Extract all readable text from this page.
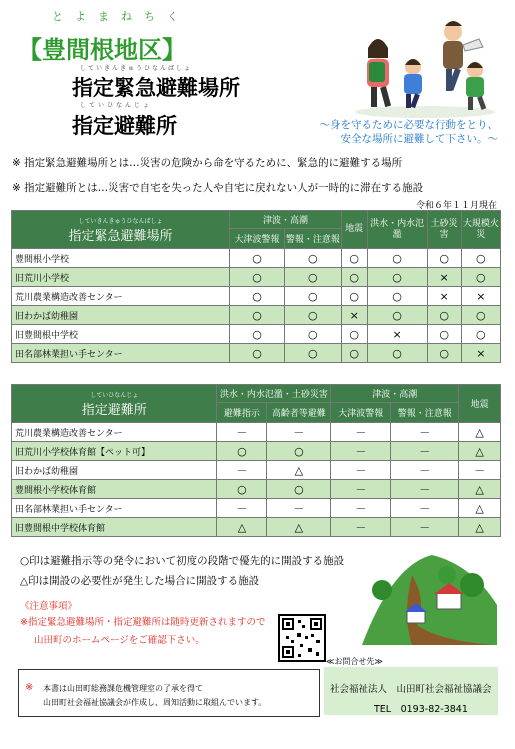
とよまねちく
【豊間根地区】
していきんきゅうひなんばしょ
指定緊急避難場所
していひなんじょ
指定避難所	～身を守るために必要な行動をとり、
安全な場所に避難して下さい。～
※ 指定緊急避難場所とは…災害の危険から命を守るために、緊急的に避難する場所
※ 指定避難所とは…災害で自宅を失った人や自宅に戻れない人が一時的に滞在する施設
令和６年１１月現在
していきんきゅうひなんばしょ
指定緊急避難場所	津波・高潮		地震	洪水・内水氾濫	土砂災害	大規模火災
	大津波警報	警報・注意報				
豊間根小学校	○	○	○	○	○	○
旧荒川小学校	○	○	○	○	×	○
荒川農業構造改善センター	○	○	○	○	×	×
旧わかば幼稚園	○	○	×	○	○	○
旧豊間根中学校	○	○	○	×	○	○
田名部林業担い手センター	○	○	○	○	○	×
していひなんじょ
指定避難所	洪水・内水氾濫・土砂災害		津波・高潮		地震
	避難指示	高齢者等避難	大津波警報	警報・注意報	
荒川農業構造改善センター	－	－	－	－	△
旧荒川小学校体育館【ペット可】	○	○	－	－	△
旧わかば幼稚園	－	△	－	－	－
豊間根小学校体育館	○	○	－	－	△
田名部林業担い手センター	－	－	－	－	△
旧豊間根中学校体育館	△	△	－	－	△
○印は避難指示等の発令において初度の段階で優先的に開設する施設
△印は開設の必要性が発生した場合に開設する施設
《注意事項》
※指定緊急避難場所・指定避難所は随時更新されますので
山田町のホームページをご確認下さい。
※ 本書は山田町総務課危機管理室の了承を得て
山田町社会福祉協議会が作成し、周知活動に取組んでいます。
≪お問合せ先≫
社会福祉法人　山田町社会福祉協議会
TEL　0193-82-3841
